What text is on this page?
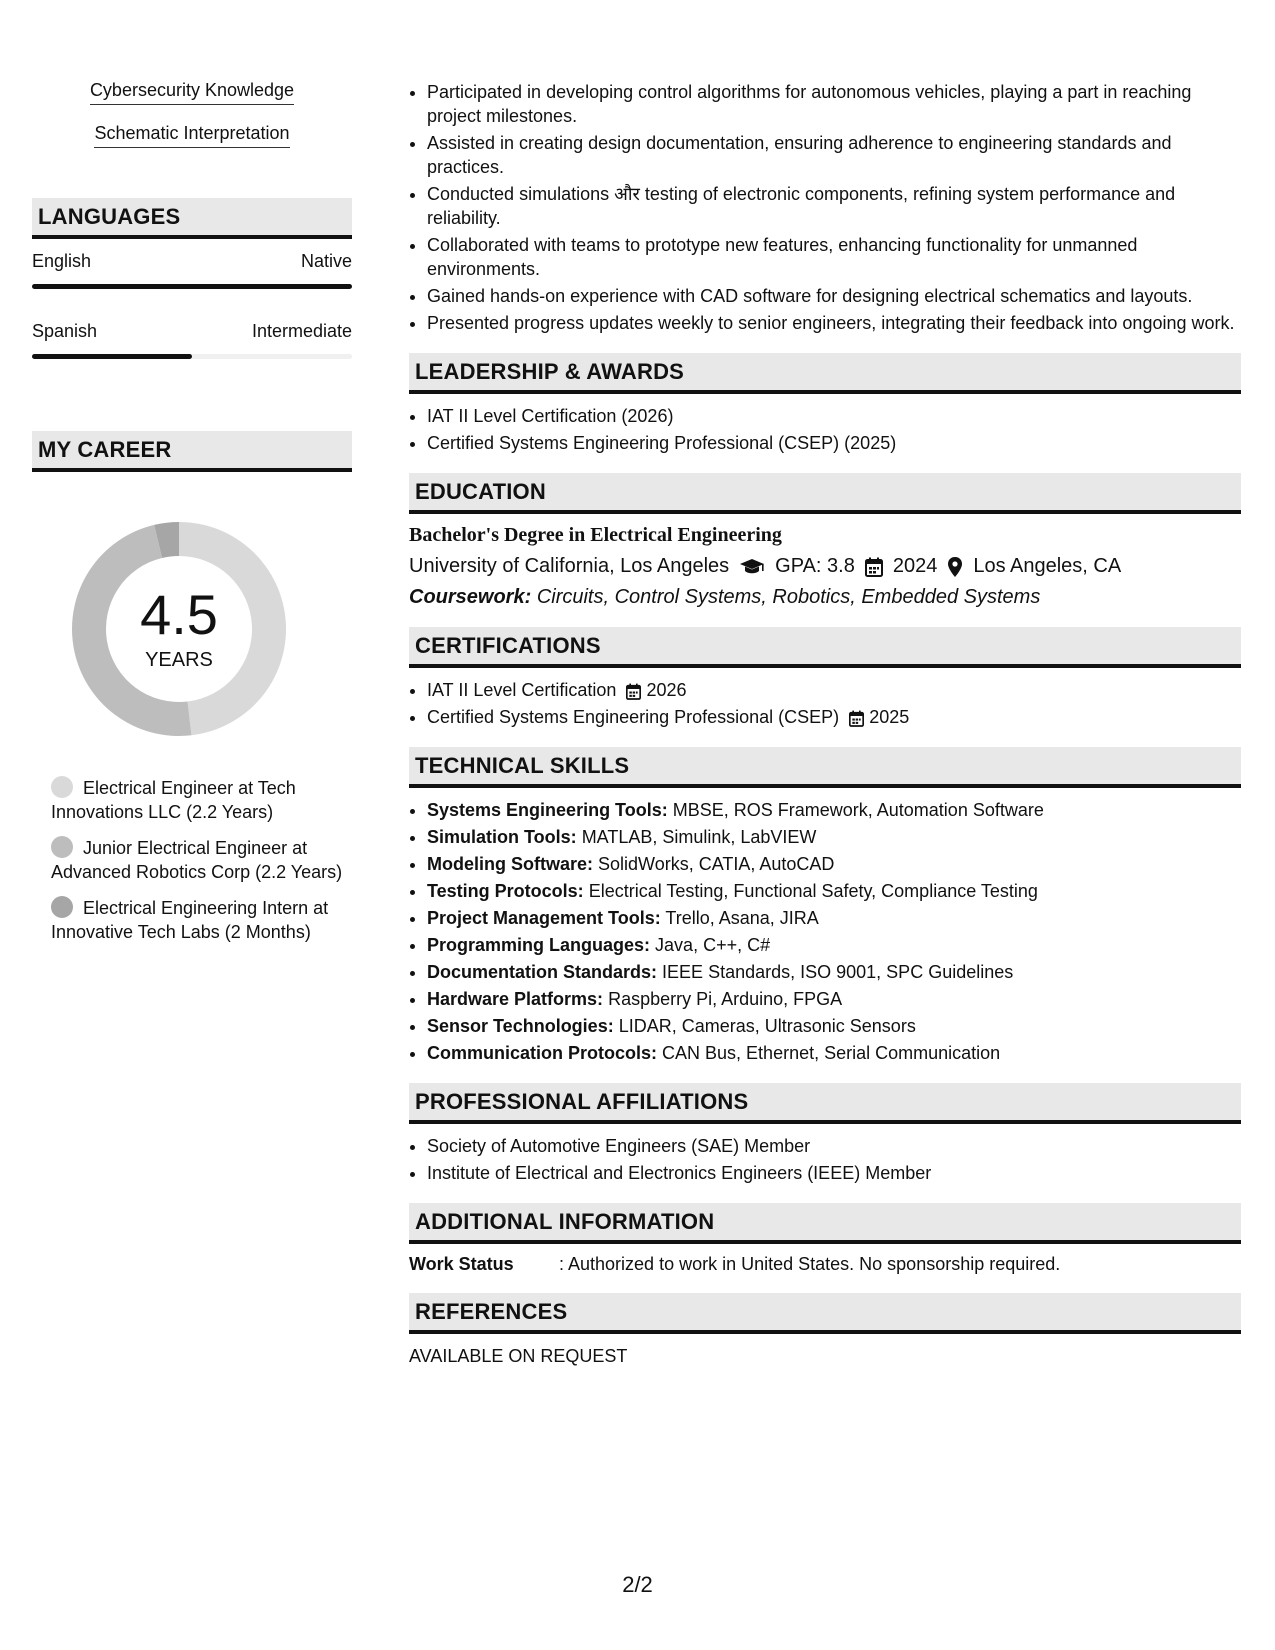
Cybersecurity Knowledge
Schematic Interpretation
LANGUAGES
English	Native
Spanish	Intermediate
MY CAREER
4.5
YEARS
Electrical Engineer at Tech Innovations LLC (2.2 Years)
Junior Electrical Engineer at Advanced Robotics Corp (2.2 Years)
Electrical Engineering Intern at Innovative Tech Labs (2 Months)
• Participated in developing control algorithms for autonomous vehicles, playing a part in reaching project milestones.
• Assisted in creating design documentation, ensuring adherence to engineering standards and practices.
• Conducted simulations और testing of electronic components, refining system performance and reliability.
• Collaborated with teams to prototype new features, enhancing functionality for unmanned environments.
• Gained hands-on experience with CAD software for designing electrical schematics and layouts.
• Presented progress updates weekly to senior engineers, integrating their feedback into ongoing work.
LEADERSHIP & AWARDS
• IAT II Level Certification (2026)
• Certified Systems Engineering Professional (CSEP) (2025)
EDUCATION
Bachelor's Degree in Electrical Engineering
University of California, Los Angeles GPA: 3.8 2024 Los Angeles, CA
Coursework: Circuits, Control Systems, Robotics, Embedded Systems
CERTIFICATIONS
• IAT II Level Certification 2026
• Certified Systems Engineering Professional (CSEP) 2025
TECHNICAL SKILLS
• Systems Engineering Tools: MBSE, ROS Framework, Automation Software
• Simulation Tools: MATLAB, Simulink, LabVIEW
• Modeling Software: SolidWorks, CATIA, AutoCAD
• Testing Protocols: Electrical Testing, Functional Safety, Compliance Testing
• Project Management Tools: Trello, Asana, JIRA
• Programming Languages: Java, C++, C#
• Documentation Standards: IEEE Standards, ISO 9001, SPC Guidelines
• Hardware Platforms: Raspberry Pi, Arduino, FPGA
• Sensor Technologies: LIDAR, Cameras, Ultrasonic Sensors
• Communication Protocols: CAN Bus, Ethernet, Serial Communication
PROFESSIONAL AFFILIATIONS
• Society of Automotive Engineers (SAE) Member
• Institute of Electrical and Electronics Engineers (IEEE) Member
ADDITIONAL INFORMATION
Work Status	: Authorized to work in United States. No sponsorship required.
REFERENCES
AVAILABLE ON REQUEST
2/2
